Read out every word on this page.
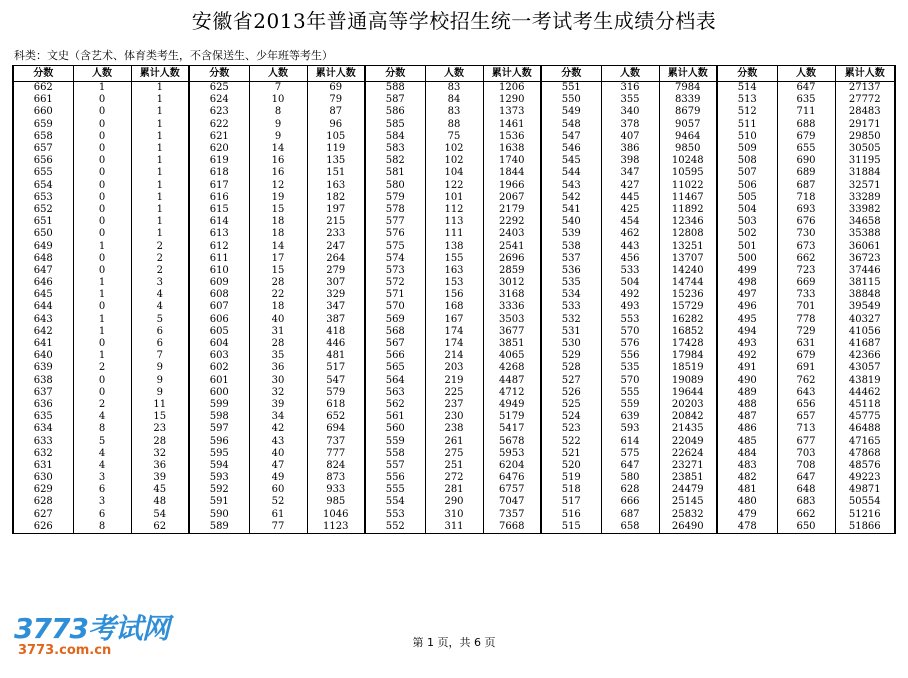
安徽省2013年普通高等学校招生统一考试考生成绩分档表
科类：文史（含艺术、体育类考生，不含保送生、少年班等考生）
分数	人数	累计人数	分数	人数	累计人数	分数	人数	累计人数	分数	人数	累计人数	分数	人数	累计人数
662	1	1	625	7	69	588	83	1206	551	316	7984	514	647	27137
661	0	1	624	10	79	587	84	1290	550	355	8339	513	635	27772
660	0	1	623	8	87	586	83	1373	549	340	8679	512	711	28483
659	0	1	622	9	96	585	88	1461	548	378	9057	511	688	29171
658	0	1	621	9	105	584	75	1536	547	407	9464	510	679	29850
657	0	1	620	14	119	583	102	1638	546	386	9850	509	655	30505
656	0	1	619	16	135	582	102	1740	545	398	10248	508	690	31195
655	0	1	618	16	151	581	104	1844	544	347	10595	507	689	31884
654	0	1	617	12	163	580	122	1966	543	427	11022	506	687	32571
653	0	1	616	19	182	579	101	2067	542	445	11467	505	718	33289
652	0	1	615	15	197	578	112	2179	541	425	11892	504	693	33982
651	0	1	614	18	215	577	113	2292	540	454	12346	503	676	34658
650	0	1	613	18	233	576	111	2403	539	462	12808	502	730	35388
649	1	2	612	14	247	575	138	2541	538	443	13251	501	673	36061
648	0	2	611	17	264	574	155	2696	537	456	13707	500	662	36723
647	0	2	610	15	279	573	163	2859	536	533	14240	499	723	37446
646	1	3	609	28	307	572	153	3012	535	504	14744	498	669	38115
645	1	4	608	22	329	571	156	3168	534	492	15236	497	733	38848
644	0	4	607	18	347	570	168	3336	533	493	15729	496	701	39549
643	1	5	606	40	387	569	167	3503	532	553	16282	495	778	40327
642	1	6	605	31	418	568	174	3677	531	570	16852	494	729	41056
641	0	6	604	28	446	567	174	3851	530	576	17428	493	631	41687
640	1	7	603	35	481	566	214	4065	529	556	17984	492	679	42366
639	2	9	602	36	517	565	203	4268	528	535	18519	491	691	43057
638	0	9	601	30	547	564	219	4487	527	570	19089	490	762	43819
637	0	9	600	32	579	563	225	4712	526	555	19644	489	643	44462
636	2	11	599	39	618	562	237	4949	525	559	20203	488	656	45118
635	4	15	598	34	652	561	230	5179	524	639	20842	487	657	45775
634	8	23	597	42	694	560	238	5417	523	593	21435	486	713	46488
633	5	28	596	43	737	559	261	5678	522	614	22049	485	677	47165
632	4	32	595	40	777	558	275	5953	521	575	22624	484	703	47868
631	4	36	594	47	824	557	251	6204	520	647	23271	483	708	48576
630	3	39	593	49	873	556	272	6476	519	580	23851	482	647	49223
629	6	45	592	60	933	555	281	6757	518	628	24479	481	648	49871
628	3	48	591	52	985	554	290	7047	517	666	25145	480	683	50554
627	6	54	590	61	1046	553	310	7357	516	687	25832	479	662	51216
626	8	62	589	77	1123	552	311	7668	515	658	26490	478	650	51866
第 1 页，共 6 页
3773考试网
3773.com.cn
